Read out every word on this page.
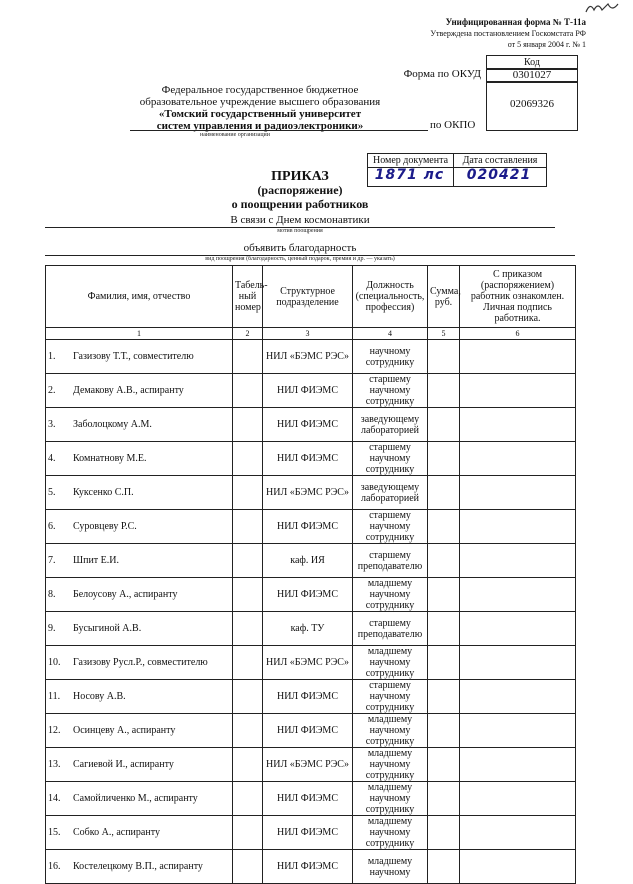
Унифицированная форма № Т-11а
Утверждена постановлением Госкомстата РФ
от 5 января 2004 г. № 1
Код
Форма по ОКУД	0301027
02069326
Федеральное государственное бюджетное
образовательное учреждение высшего образования
«Томский государственный университет
систем управления и радиоэлектроники»	по ОКПО
наименование организации
Номер документа	Дата составления
1871 лс	020421
ПРИКАЗ
(распоряжение)
о поощрении работников
В связи с Днем космонавтики
мотив поощрения
объявить благодарность
вид поощрения (благодарность, ценный подарок, премия и др. — указать)
Фамилия, имя, отчество	Табель-ный номер	Структурное подразделение	Должность (специальность, профессия)	Сумма, руб.	С приказом (распоряжением) работник ознакомлен. Личная подпись работника.
1	2	3	4	5	6
1. Газизову Т.Т., совместителю		НИЛ «БЭМС РЭС»	научному сотруднику		
2. Демакову А.В., аспиранту		НИЛ ФИЭМС	старшему научному сотруднику		
3. Заболоцкому А.М.		НИЛ ФИЭМС	заведующему лабораторией		
4. Комнатнову М.Е.		НИЛ ФИЭМС	старшему научному сотруднику		
5. Куксенко С.П.		НИЛ «БЭМС РЭС»	заведующему лабораторией		
6. Суровцеву Р.С.		НИЛ ФИЭМС	старшему научному сотруднику		
7. Шпит Е.И.		каф. ИЯ	старшему преподавателю		
8. Белоусову А., аспиранту		НИЛ ФИЭМС	младшему научному сотруднику		
9. Бусыгиной А.В.		каф. ТУ	старшему преподавателю		
10. Газизову Русл.Р., совместителю		НИЛ «БЭМС РЭС»	младшему научному сотруднику		
11. Носову А.В.		НИЛ ФИЭМС	старшему научному сотруднику		
12. Осинцеву А., аспиранту		НИЛ ФИЭМС	младшему научному сотруднику		
13. Сагиевой И., аспиранту		НИЛ «БЭМС РЭС»	младшему научному сотруднику		
14. Самойличенко М., аспиранту		НИЛ ФИЭМС	младшему научному сотруднику		
15. Собко А., аспиранту		НИЛ ФИЭМС	младшему научному сотруднику		
16. Костелецкому В.П., аспиранту		НИЛ ФИЭМС	младшему научному		
